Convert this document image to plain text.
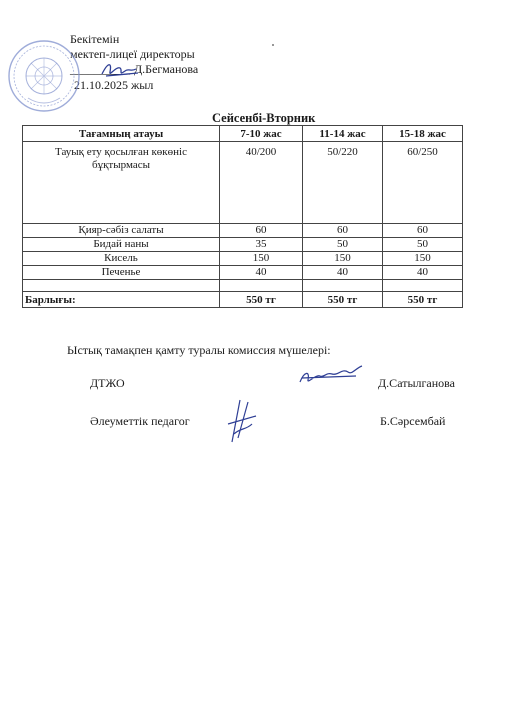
Бекітемін
мектеп-лицеї директоры
__________ Д.Бегманова
21.10.2025 жыл
Сейсенбі-Вторник
Тағамның атауы	7-10 жас	11-14 жас	15-18 жас
Тауық ету қосылған көкөніс бұқтырмасы	40/200	50/220	60/250
Қияр-сәбіз салаты	60	60	60
Бидай наны	35	50	50
Кисель	150	150	150
Печенье	40	40	40

Барлығы:	550 тг	550 тг	550 тг
Ыстық тамақпен қамту туралы комиссия мүшелері:
ДТЖО	Д.Сатылганова
Әлеуметтік педагог	Б.Сәрсембай
